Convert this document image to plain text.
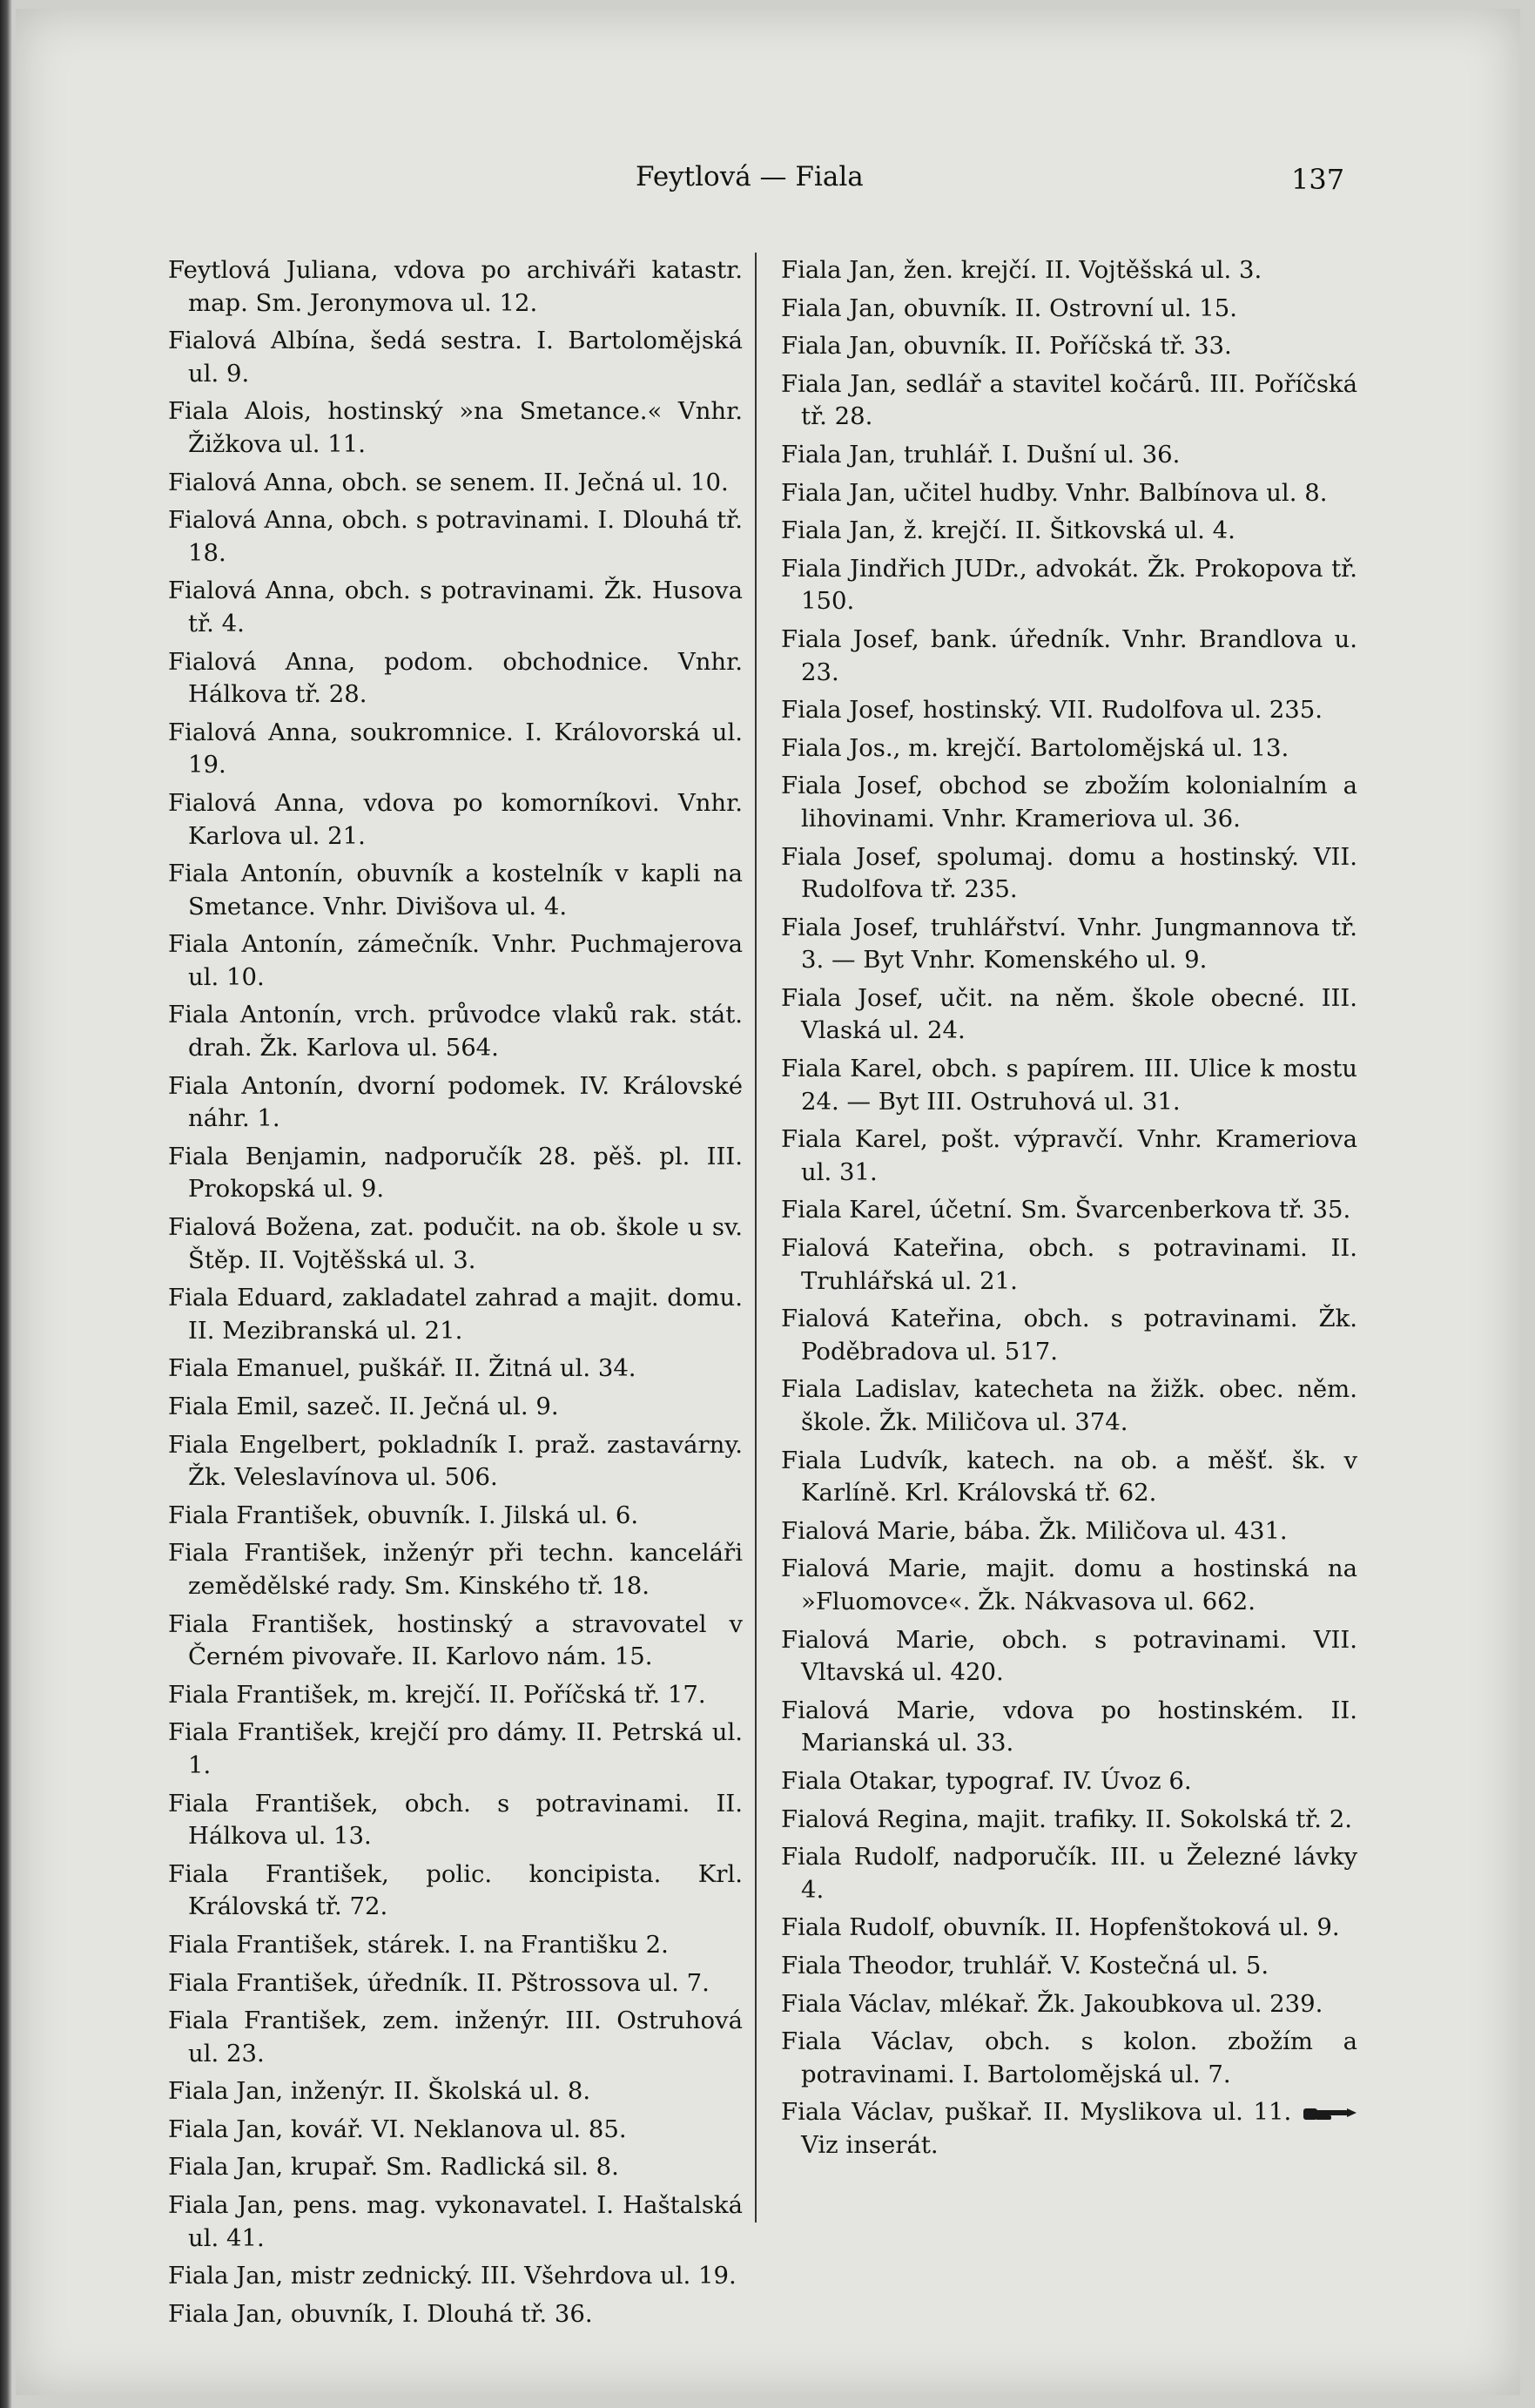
Feytlová — Fiala	137
Feytlová Juliana, vdova po archiváři katastr. map. Sm. Jeronymova ul. 12.
Fialová Albína, šedá sestra. I. Bartolomějská ul. 9.
Fiala Alois, hostinský »na Smetance.« Vnhr. Žižkova ul. 11.
Fialová Anna, obch. se senem. II. Ječná ul. 10.
Fialová Anna, obch. s potravinami. I. Dlouhá tř. 18.
Fialová Anna, obch. s potravinami. Žk. Husova tř. 4.
Fialová Anna, podom. obchodnice. Vnhr. Hálkova tř. 28.
Fialová Anna, soukromnice. I. Královorská ul. 19.
Fialová Anna, vdova po komorníkovi. Vnhr. Karlova ul. 21.
Fiala Antonín, obuvník a kostelník v kapli na Smetance. Vnhr. Divišova ul. 4.
Fiala Antonín, zámečník. Vnhr. Puchmajerova ul. 10.
Fiala Antonín, vrch. průvodce vlaků rak. stát. drah. Žk. Karlova ul. 564.
Fiala Antonín, dvorní podomek. IV. Královské náhr. 1.
Fiala Benjamin, nadporučík 28. pěš. pl. III. Prokopská ul. 9.
Fialová Božena, zat. podučit. na ob. škole u sv. Štěp. II. Vojtěšská ul. 3.
Fiala Eduard, zakladatel zahrad a majit. domu. II. Mezibranská ul. 21.
Fiala Emanuel, puškář. II. Žitná ul. 34.
Fiala Emil, sazeč. II. Ječná ul. 9.
Fiala Engelbert, pokladník I. praž. zastavárny. Žk. Veleslavínova ul. 506.
Fiala František, obuvník. I. Jilská ul. 6.
Fiala František, inženýr při techn. kanceláři zemědělské rady. Sm. Kinského tř. 18.
Fiala František, hostinský a stravovatel v Černém pivovaře. II. Karlovo nám. 15.
Fiala František, m. krejčí. II. Poříčská tř. 17.
Fiala František, krejčí pro dámy. II. Petrská ul. 1.
Fiala František, obch. s potravinami. II. Hálkova ul. 13.
Fiala František, polic. koncipista. Krl. Královská tř. 72.
Fiala František, stárek. I. na Františku 2.
Fiala František, úředník. II. Pštrossova ul. 7.
Fiala František, zem. inženýr. III. Ostruhová ul. 23.
Fiala Jan, inženýr. II. Školská ul. 8.
Fiala Jan, kovář. VI. Neklanova ul. 85.
Fiala Jan, krupař. Sm. Radlická sil. 8.
Fiala Jan, pens. mag. vykonavatel. I. Haštalská ul. 41.
Fiala Jan, mistr zednický. III. Všehrdova ul. 19.
Fiala Jan, obuvník, I. Dlouhá tř. 36.
Fiala Jan, žen. krejčí. II. Vojtěšská ul. 3.
Fiala Jan, obuvník. II. Ostrovní ul. 15.
Fiala Jan, obuvník. II. Poříčská tř. 33.
Fiala Jan, sedlář a stavitel kočárů. III. Poříčská tř. 28.
Fiala Jan, truhlář. I. Dušní ul. 36.
Fiala Jan, učitel hudby. Vnhr. Balbínova ul. 8.
Fiala Jan, ž. krejčí. II. Šitkovská ul. 4.
Fiala Jindřich JUDr., advokát. Žk. Prokopova tř. 150.
Fiala Josef, bank. úředník. Vnhr. Brandlova u. 23.
Fiala Josef, hostinský. VII. Rudolfova ul. 235.
Fiala Jos., m. krejčí. Bartolomějská ul. 13.
Fiala Josef, obchod se zbožím kolonialním a lihovinami. Vnhr. Krameriova ul. 36.
Fiala Josef, spolumaj. domu a hostinský. VII. Rudolfova tř. 235.
Fiala Josef, truhlářství. Vnhr. Jungmannova tř. 3. — Byt Vnhr. Komenského ul. 9.
Fiala Josef, učit. na něm. škole obecné. III. Vlaská ul. 24.
Fiala Karel, obch. s papírem. III. Ulice k mostu 24. — Byt III. Ostruhová ul. 31.
Fiala Karel, pošt. výpravčí. Vnhr. Krameriova ul. 31.
Fiala Karel, účetní. Sm. Švarcenberkova tř. 35.
Fialová Kateřina, obch. s potravinami. II. Truhlářská ul. 21.
Fialová Kateřina, obch. s potravinami. Žk. Poděbradova ul. 517.
Fiala Ladislav, katecheta na žižk. obec. něm. škole. Žk. Miličova ul. 374.
Fiala Ludvík, katech. na ob. a měšť. šk. v Karlíně. Krl. Královská tř. 62.
Fialová Marie, bába. Žk. Miličova ul. 431.
Fialová Marie, majit. domu a hostinská na »Fluomovce«. Žk. Nákvasova ul. 662.
Fialová Marie, obch. s potravinami. VII. Vltavská ul. 420.
Fialová Marie, vdova po hostinském. II. Marianská ul. 33.
Fiala Otakar, typograf. IV. Úvoz 6.
Fialová Regina, majit. trafiky. II. Sokolská tř. 2.
Fiala Rudolf, nadporučík. III. u Železné lávky 4.
Fiala Rudolf, obuvník. II. Hopfenštoková ul. 9.
Fiala Theodor, truhlář. V. Kostečná ul. 5.
Fiala Václav, mlékař. Žk. Jakoubkova ul. 239.
Fiala Václav, obch. s kolon. zbožím a potravinami. I. Bartolomějská ul. 7.
Fiala Václav, puškař. II. Myslikova ul. 11.  Viz inserát.
